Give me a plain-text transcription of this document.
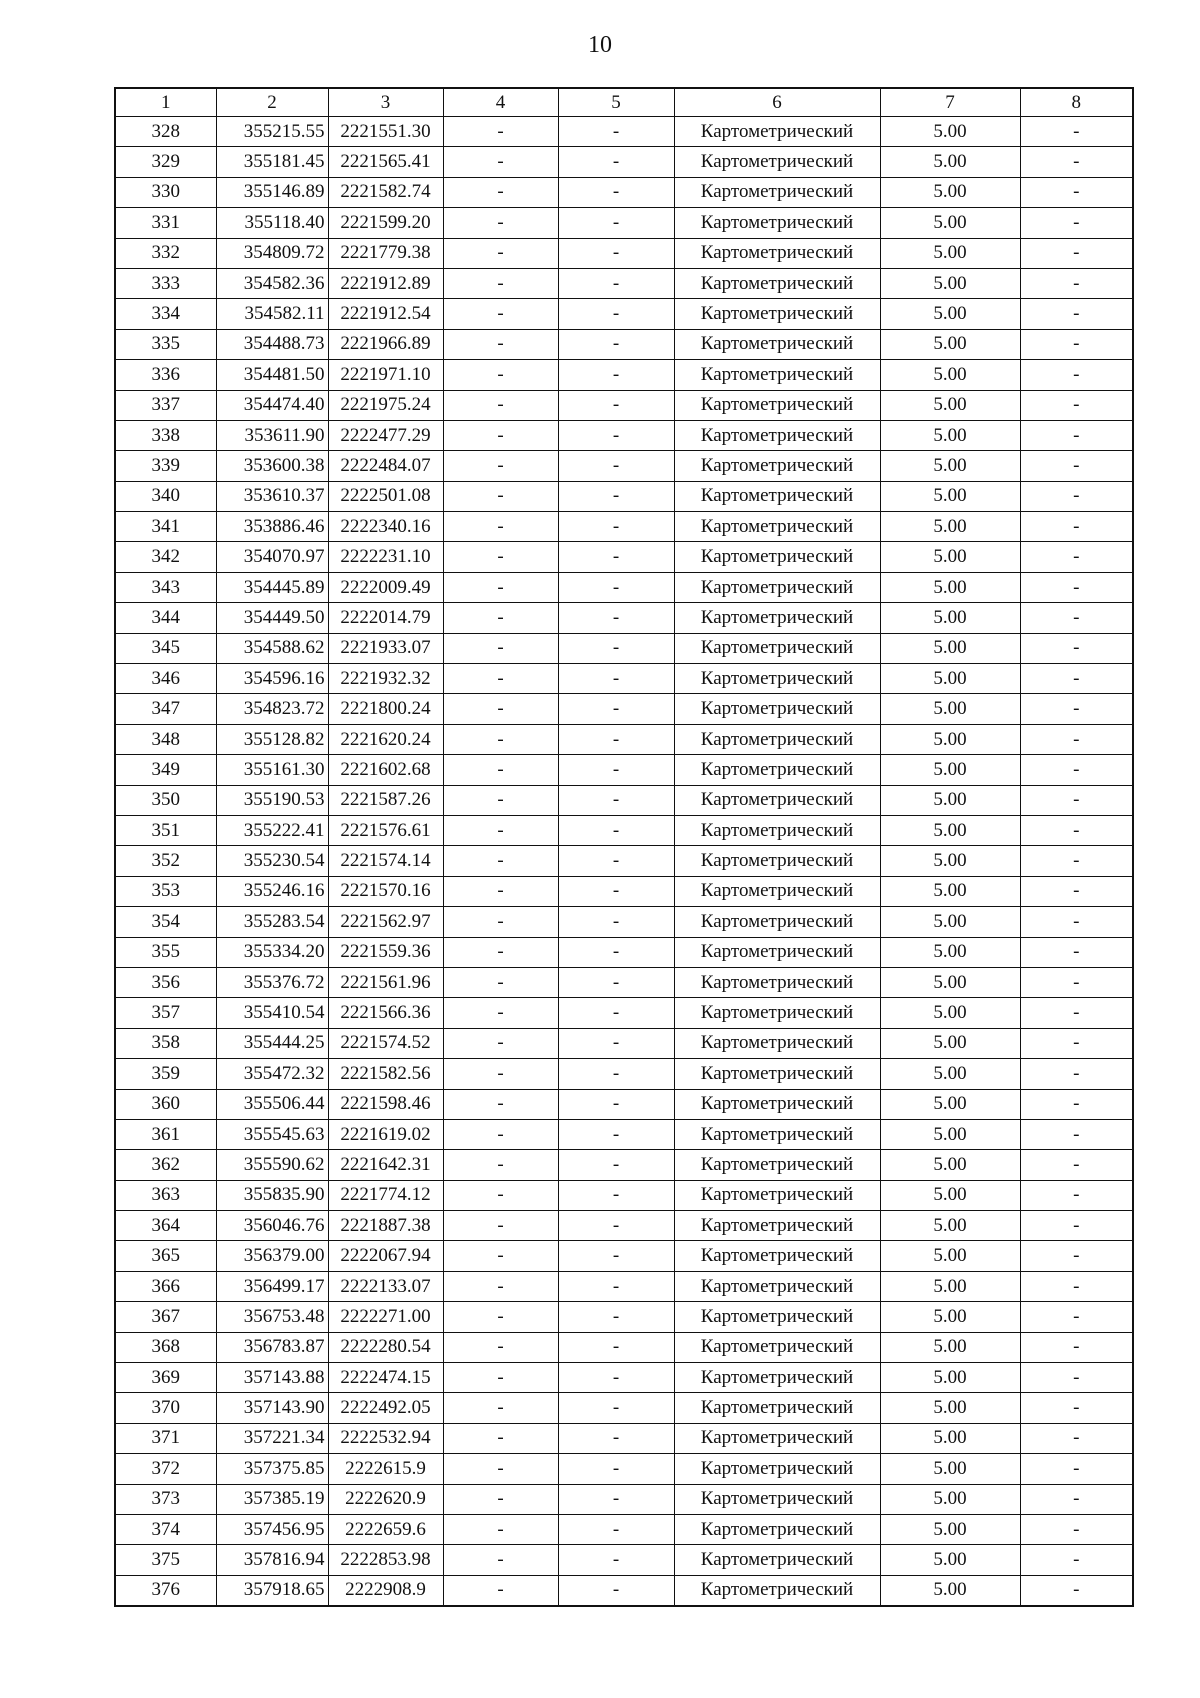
10
1	2	3	4	5	6	7	8
328	355215.55	2221551.30	-	-	Картометрический	5.00	-
329	355181.45	2221565.41	-	-	Картометрический	5.00	-
330	355146.89	2221582.74	-	-	Картометрический	5.00	-
331	355118.40	2221599.20	-	-	Картометрический	5.00	-
332	354809.72	2221779.38	-	-	Картометрический	5.00	-
333	354582.36	2221912.89	-	-	Картометрический	5.00	-
334	354582.11	2221912.54	-	-	Картометрический	5.00	-
335	354488.73	2221966.89	-	-	Картометрический	5.00	-
336	354481.50	2221971.10	-	-	Картометрический	5.00	-
337	354474.40	2221975.24	-	-	Картометрический	5.00	-
338	353611.90	2222477.29	-	-	Картометрический	5.00	-
339	353600.38	2222484.07	-	-	Картометрический	5.00	-
340	353610.37	2222501.08	-	-	Картометрический	5.00	-
341	353886.46	2222340.16	-	-	Картометрический	5.00	-
342	354070.97	2222231.10	-	-	Картометрический	5.00	-
343	354445.89	2222009.49	-	-	Картометрический	5.00	-
344	354449.50	2222014.79	-	-	Картометрический	5.00	-
345	354588.62	2221933.07	-	-	Картометрический	5.00	-
346	354596.16	2221932.32	-	-	Картометрический	5.00	-
347	354823.72	2221800.24	-	-	Картометрический	5.00	-
348	355128.82	2221620.24	-	-	Картометрический	5.00	-
349	355161.30	2221602.68	-	-	Картометрический	5.00	-
350	355190.53	2221587.26	-	-	Картометрический	5.00	-
351	355222.41	2221576.61	-	-	Картометрический	5.00	-
352	355230.54	2221574.14	-	-	Картометрический	5.00	-
353	355246.16	2221570.16	-	-	Картометрический	5.00	-
354	355283.54	2221562.97	-	-	Картометрический	5.00	-
355	355334.20	2221559.36	-	-	Картометрический	5.00	-
356	355376.72	2221561.96	-	-	Картометрический	5.00	-
357	355410.54	2221566.36	-	-	Картометрический	5.00	-
358	355444.25	2221574.52	-	-	Картометрический	5.00	-
359	355472.32	2221582.56	-	-	Картометрический	5.00	-
360	355506.44	2221598.46	-	-	Картометрический	5.00	-
361	355545.63	2221619.02	-	-	Картометрический	5.00	-
362	355590.62	2221642.31	-	-	Картометрический	5.00	-
363	355835.90	2221774.12	-	-	Картометрический	5.00	-
364	356046.76	2221887.38	-	-	Картометрический	5.00	-
365	356379.00	2222067.94	-	-	Картометрический	5.00	-
366	356499.17	2222133.07	-	-	Картометрический	5.00	-
367	356753.48	2222271.00	-	-	Картометрический	5.00	-
368	356783.87	2222280.54	-	-	Картометрический	5.00	-
369	357143.88	2222474.15	-	-	Картометрический	5.00	-
370	357143.90	2222492.05	-	-	Картометрический	5.00	-
371	357221.34	2222532.94	-	-	Картометрический	5.00	-
372	357375.85	2222615.9	-	-	Картометрический	5.00	-
373	357385.19	2222620.9	-	-	Картометрический	5.00	-
374	357456.95	2222659.6	-	-	Картометрический	5.00	-
375	357816.94	2222853.98	-	-	Картометрический	5.00	-
376	357918.65	2222908.9	-	-	Картометрический	5.00	-
